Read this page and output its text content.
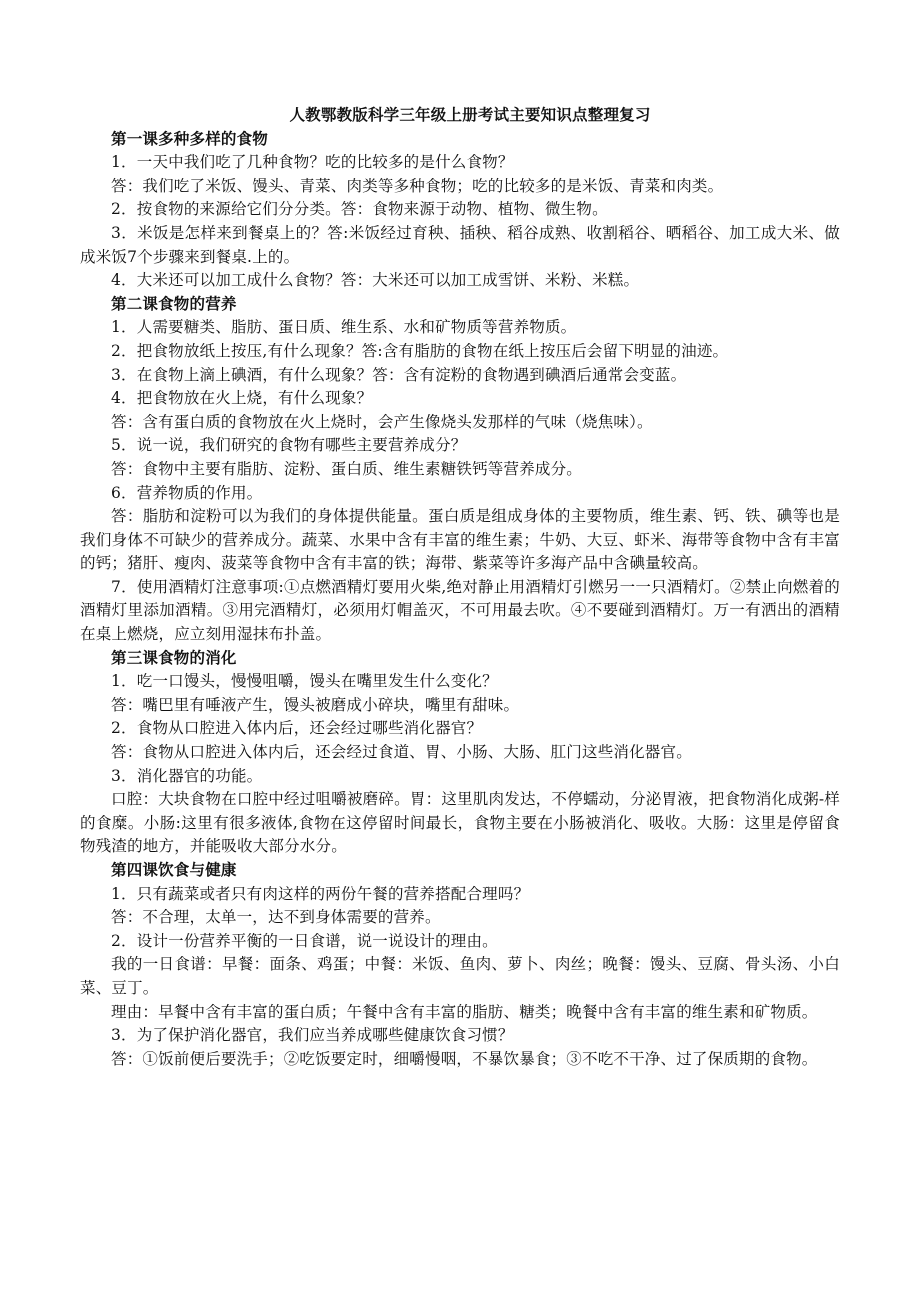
人教鄂教版科学三年级上册考试主要知识点整理复习

第一课多种多样的食物

1．一天中我们吃了几种食物？吃的比较多的是什么食物？

答：我们吃了米饭、馒头、青菜、肉类等多种食物；吃的比较多的是米饭、青菜和肉类。

2．按食物的来源给它们分分类。答：食物来源于动物、植物、微生物。

3．米饭是怎样来到餐桌上的？答:米饭经过育秧、插秧、稻谷成熟、收割稻谷、晒稻谷、加工成大米、做成米饭7个步骤来到餐桌.上的。

4．大米还可以加工成什么食物？答：大米还可以加工成雪饼、米粉、米糕。

第二课食物的营养

1．人需要糖类、脂肪、蛋日质、维生系、水和矿物质等营养物质。

2．把食物放纸上按压,有什么现象？答:含有脂肪的食物在纸上按压后会留下明显的油迹。

3．在食物上滴上碘酒，有什么现象？答：含有淀粉的食物遇到碘酒后通常会变蓝。

4．把食物放在火上烧，有什么现象？

答：含有蛋白质的食物放在火上烧时，会产生像烧头发那样的气味（烧焦味）。

5．说一说，我们研究的食物有哪些主要营养成分？

答：食物中主要有脂肪、淀粉、蛋白质、维生素糖铁钙等营养成分。

6．营养物质的作用。

答：脂肪和淀粉可以为我们的身体提供能量。蛋白质是组成身体的主要物质，维生素、钙、铁、碘等也是我们身体不可缺少的营养成分。蔬菜、水果中含有丰富的维生素；牛奶、大豆、虾米、海带等食物中含有丰富的钙；猪肝、瘦肉、菠菜等食物中含有丰富的铁；海带、紫菜等许多海产品中含碘量较高。

7．使用酒精灯注意事项:①点燃酒精灯要用火柴,绝对静止用酒精灯引燃另一一只酒精灯。②禁止向燃着的酒精灯里添加酒精。③用完酒精灯，必须用灯帽盖灭，不可用最去吹。④不要碰到酒精灯。万一有洒出的酒精在桌上燃烧，应立刻用湿抹布扑盖。

第三课食物的消化

1．吃一口馒头，慢慢咀嚼，馒头在嘴里发生什么变化？

答：嘴巴里有唾液产生，馒头被磨成小碎块，嘴里有甜味。

2．食物从口腔进入体内后，还会经过哪些消化器官？

答：食物从口腔进入体内后，还会经过食道、胃、小肠、大肠、肛门这些消化器官。

3．消化器官的功能。

口腔：大块食物在口腔中经过咀嚼被磨碎。胃：这里肌肉发达，不停蠕动，分泌胃液，把食物消化成粥-样的食糜。小肠:这里有很多液体,食物在这停留时间最长，食物主要在小肠被消化、吸收。大肠：这里是停留食物残渣的地方，并能吸收大部分水分。

第四课饮食与健康

1．只有蔬菜或者只有肉这样的两份午餐的营养搭配合理吗？

答：不合理，太单一，达不到身体需要的营养。

2．设计一份营养平衡的一日食谱，说一说设计的理由。

我的一日食谱：早餐：面条、鸡蛋；中餐：米饭、鱼肉、萝卜、肉丝；晚餐：馒头、豆腐、骨头汤、小白菜、豆丁。

理由：早餐中含有丰富的蛋白质；午餐中含有丰富的脂肪、糖类；晚餐中含有丰富的维生素和矿物质。

3．为了保护消化器官，我们应当养成哪些健康饮食习惯？

答：①饭前便后要洗手；②吃饭要定时，细嚼慢咽，不暴饮暴食；③不吃不干净、过了保质期的食物。
